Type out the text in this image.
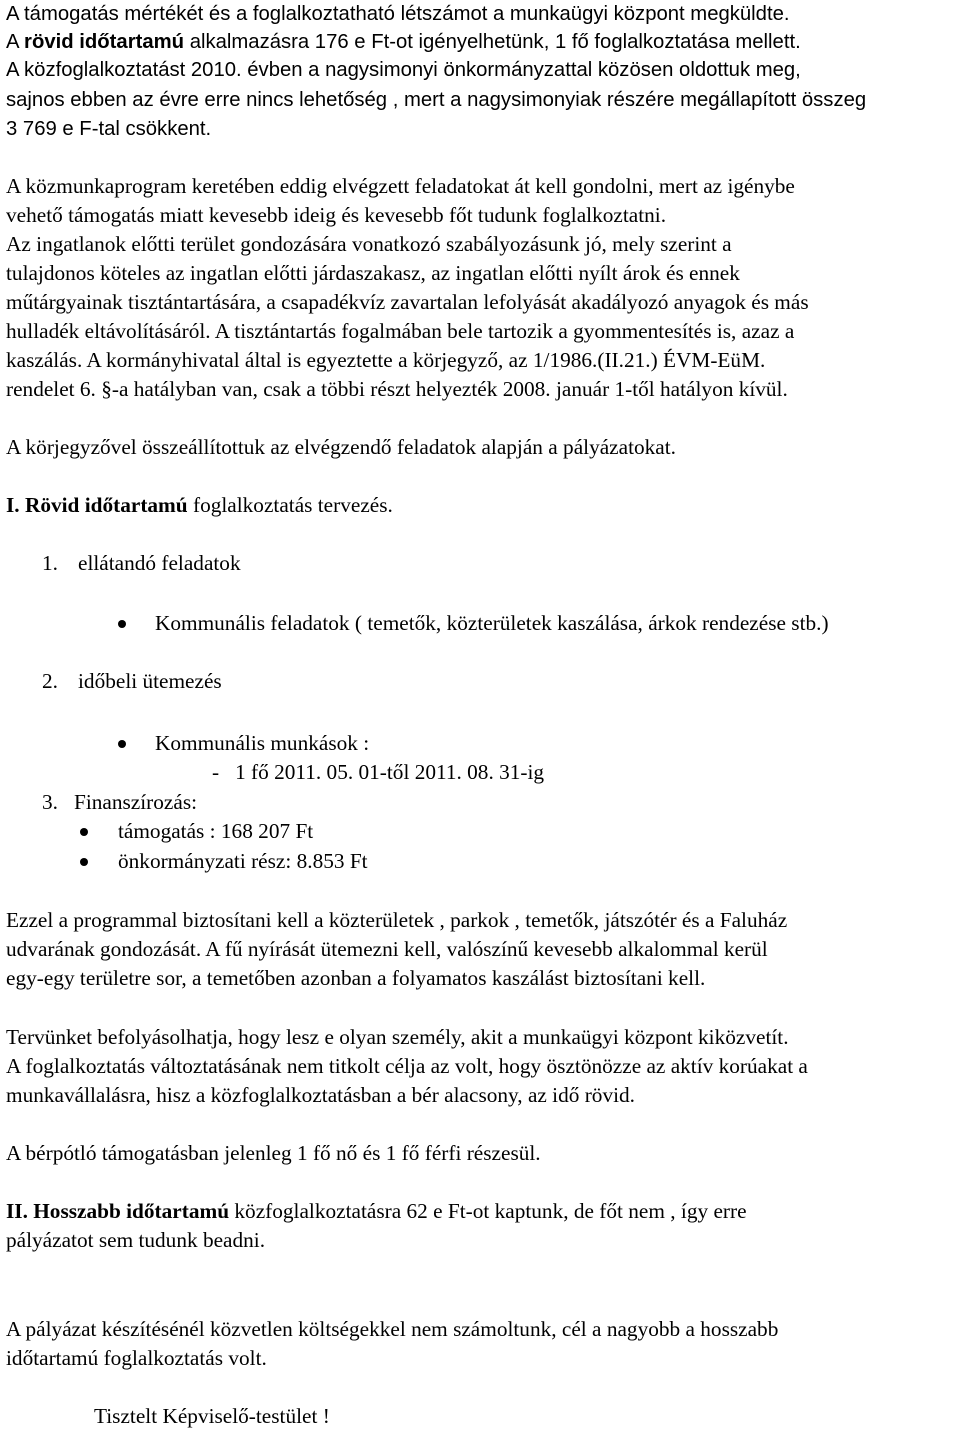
A támogatás mértékét és a foglalkoztatható létszámot a munkaügyi központ megküldte.
A rövid időtartamú alkalmazásra 176 e Ft-ot igényelhetünk, 1 fő foglalkoztatása mellett.
A közfoglalkoztatást 2010. évben a nagysimonyi önkormányzattal közösen oldottuk meg,
sajnos ebben az évre erre nincs lehetőség , mert a nagysimonyiak részére megállapított összeg
3 769 e F-tal csökkent.
A közmunkaprogram keretében eddig elvégzett feladatokat át kell gondolni, mert az igénybe
vehető támogatás miatt kevesebb ideig és kevesebb főt tudunk foglalkoztatni.
Az ingatlanok előtti terület gondozására vonatkozó szabályozásunk jó, mely szerint a
tulajdonos köteles az ingatlan előtti járdaszakasz, az ingatlan előtti nyílt árok és ennek
műtárgyainak tisztántartására, a csapadékvíz zavartalan lefolyását akadályozó anyagok és más
hulladék eltávolításáról. A tisztántartás fogalmában bele tartozik a gyommentesítés is, azaz a
kaszálás. A kormányhivatal által is egyeztette a körjegyző, az 1/1986.(II.21.) ÉVM-EüM.
rendelet 6. §-a hatályban van, csak a többi részt helyezték 2008. január 1-től hatályon kívül.
A körjegyzővel összeállítottuk az elvégzendő feladatok alapján a pályázatokat.
I. Rövid időtartamú foglalkoztatás tervezés.
1. ellátandó feladatok
Kommunális feladatok ( temetők, közterületek kaszálása, árkok rendezése stb.)
2. időbeli ütemezés
Kommunális munkások :
-   1 fő 2011. 05. 01-től 2011. 08. 31-ig
3. Finanszírozás:
támogatás : 168 207 Ft
önkormányzati rész: 8.853 Ft
Ezzel a programmal biztosítani kell a közterületek , parkok , temetők, játszótér és a Faluház
udvarának gondozását. A fű nyírását ütemezni kell, valószínű kevesebb alkalommal kerül
egy-egy területre sor, a temetőben azonban a folyamatos kaszálást biztosítani kell.
Tervünket befolyásolhatja, hogy lesz e olyan személy, akit a munkaügyi központ kiközvetít.
A foglalkoztatás változtatásának nem titkolt célja az volt, hogy ösztönözze az aktív korúakat a
munkavállalásra, hisz a közfoglalkoztatásban a bér alacsony, az idő rövid.
A bérpótló támogatásban jelenleg 1 fő nő és 1 fő férfi részesül.
II. Hosszabb időtartamú közfoglalkoztatásra 62 e Ft-ot kaptunk, de főt nem , így erre
pályázatot sem tudunk beadni.
A pályázat készítésénél közvetlen költségekkel nem számoltunk, cél a nagyobb a hosszabb
időtartamú foglalkoztatás volt.
Tisztelt Képviselő-testület !
